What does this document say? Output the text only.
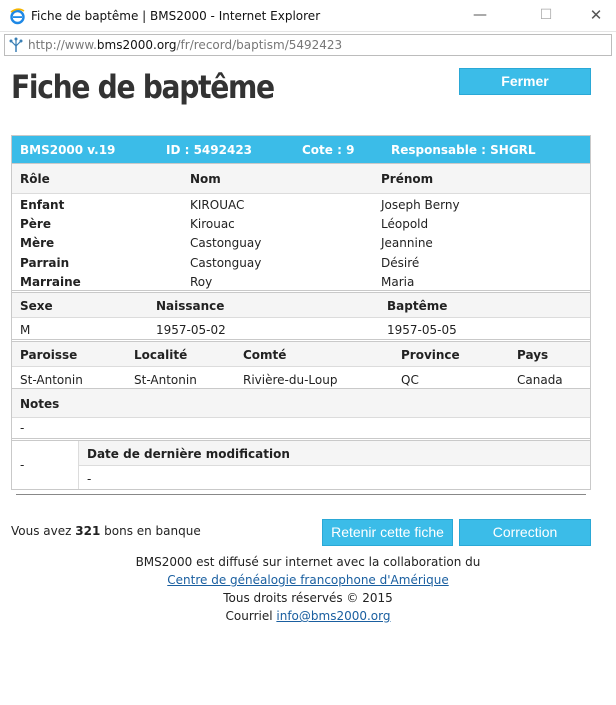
Fiche de baptême | BMS2000 - Internet Explorer	—	☐	✕
http://www.bms2000.org/fr/record/baptism/5492423
Fiche de baptême	Fermer
BMS2000 v.19	ID : 5492423	Cote : 9	Responsable : SHGRL
Rôle	Nom	Prénom
Enfant	KIROUAC	Joseph Berny
Père	Kirouac	Léopold
Mère	Castonguay	Jeannine
Parrain	Castonguay	Désiré
Marraine	Roy	Maria
Sexe	Naissance	Baptême
M	1957-05-02	1957-05-05
Paroisse	Localité	Comté	Province	Pays
St-Antonin	St-Antonin	Rivière-du-Loup	QC	Canada
Notes
-
-
Date de dernière modification
-
Vous avez 321 bons en banque	Retenir cette fiche	Correction
BMS2000 est diffusé sur internet avec la collaboration du
Centre de généalogie francophone d'Amérique
Tous droits réservés © 2015
Courriel info@bms2000.org
